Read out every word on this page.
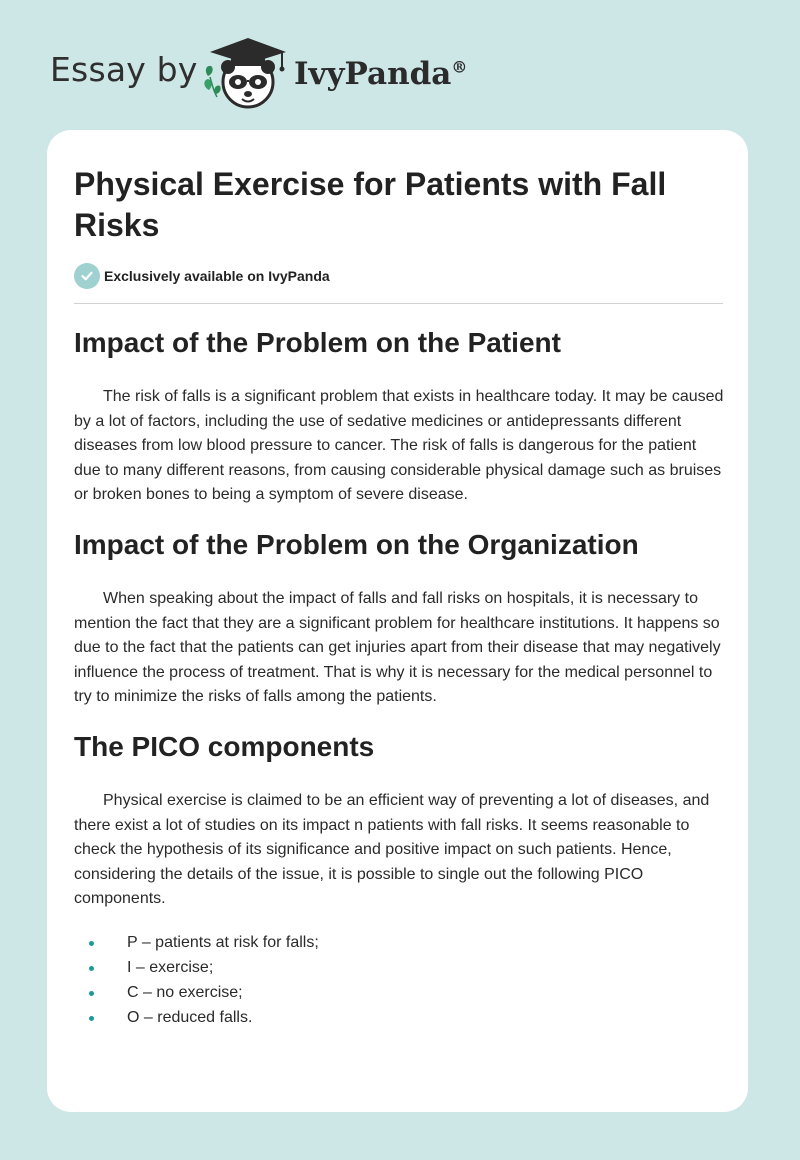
Essay by	IvyPanda®
Physical Exercise for Patients with Fall Risks
Exclusively available on IvyPanda
Impact of the Problem on the Patient

The risk of falls is a significant problem that exists in healthcare today. It may be caused by a lot of factors, including the use of sedative medicines or antidepressants different diseases from low blood pressure to cancer. The risk of falls is dangerous for the patient due to many different reasons, from causing considerable physical damage such as bruises or broken bones to being a symptom of severe disease.

Impact of the Problem on the Organization

When speaking about the impact of falls and fall risks on hospitals, it is necessary to mention the fact that they are a significant problem for healthcare institutions. It happens so due to the fact that the patients can get injuries apart from their disease that may negatively influence the process of treatment. That is why it is necessary for the medical personnel to try to minimize the risks of falls among the patients.

The PICO components

Physical exercise is claimed to be an efficient way of preventing a lot of diseases, and there exist a lot of studies on its impact n patients with fall risks. It seems reasonable to check the hypothesis of its significance and positive impact on such patients. Hence, considering the details of the issue, it is possible to single out the following PICO components.

P – patients at risk for falls;
I – exercise;
C – no exercise;
O – reduced falls.
